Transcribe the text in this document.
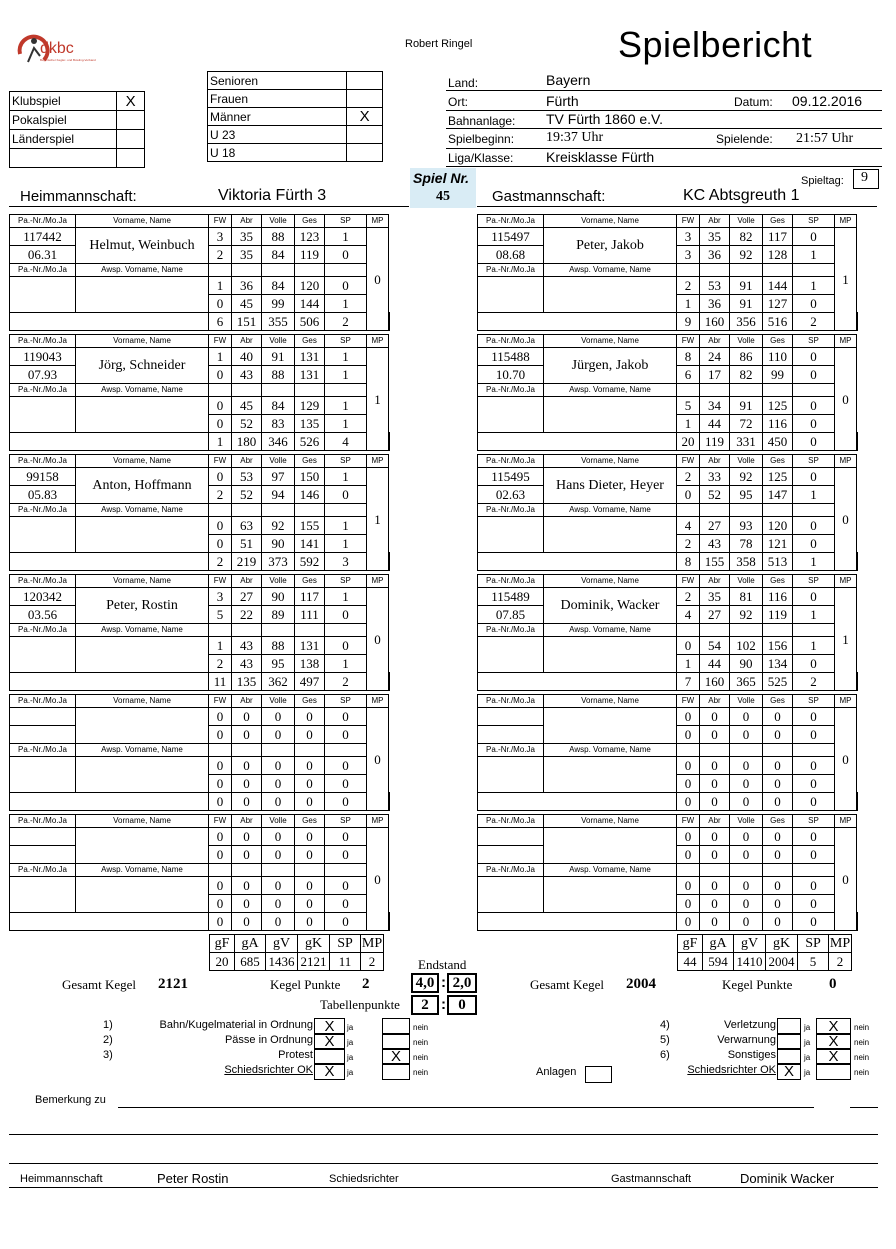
dkbc
Bayerischer Kegler- und Bowling-Verband
Robert Ringel	Spielbericht
Klubspiel	X
Pokalspiel	
Länderspiel	

Senioren	
Frauen	
Männer	X
U 23	
U 18	
Land:	Bayern
Ort:	Fürth	Datum: 09.12.2016
Bahnanlage: TV Fürth 1860 e.V.
Spielbeginn: 19:37 Uhr	Spielende: 21:57 Uhr
Liga/Klasse: Kreisklasse Fürth
Spieltag: 9
Spiel Nr.
45
Heimmannschaft:	Viktoria Fürth 3	Gastmannschaft:	KC Abtsgreuth 1
Pa.-Nr./Mo.Ja	Vorname, Name	FW	Abr	Volle	Ges	SP	MP	
117442	Helmut, Weinbuch	3	35	88	123	1	0	
06.31		2	35	84	119	0		
Pa.-Nr./Mo.Ja	Awsp. Vorname, Name							
		1	36	84	120	0		
		0	45	99	144	1		
		6	151	355	506	2		
Pa.-Nr./Mo.Ja	Vorname, Name	FW	Abr	Volle	Ges	SP	MP	
119043	Jörg, Schneider	1	40	91	131	1	1	
07.93		0	43	88	131	1		
Pa.-Nr./Mo.Ja	Awsp. Vorname, Name							
		0	45	84	129	1		
		0	52	83	135	1		
		1	180	346	526	4		
Pa.-Nr./Mo.Ja	Vorname, Name	FW	Abr	Volle	Ges	SP	MP	
99158	Anton, Hoffmann	0	53	97	150	1	1	
05.83		2	52	94	146	0		
Pa.-Nr./Mo.Ja	Awsp. Vorname, Name							
		0	63	92	155	1		
		0	51	90	141	1		
		2	219	373	592	3		
Pa.-Nr./Mo.Ja	Vorname, Name	FW	Abr	Volle	Ges	SP	MP	
120342	Peter, Rostin	3	27	90	117	1	0	
03.56		5	22	89	111	0		
Pa.-Nr./Mo.Ja	Awsp. Vorname, Name							
		1	43	88	131	0		
		2	43	95	138	1		
		11	135	362	497	2		
Pa.-Nr./Mo.Ja	Vorname, Name	FW	Abr	Volle	Ges	SP	MP	
		0	0	0	0	0	0	
		0	0	0	0	0		
Pa.-Nr./Mo.Ja	Awsp. Vorname, Name							
		0	0	0	0	0		
		0	0	0	0	0		
		0	0	0	0	0		
Pa.-Nr./Mo.Ja	Vorname, Name	FW	Abr	Volle	Ges	SP	MP	
		0	0	0	0	0	0	
		0	0	0	0	0		
Pa.-Nr./Mo.Ja	Awsp. Vorname, Name							
		0	0	0	0	0		
		0	0	0	0	0		
		0	0	0	0	0		
Pa.-Nr./Mo.Ja	Vorname, Name	FW	Abr	Volle	Ges	SP	MP	
115497	Peter, Jakob	3	35	82	117	0	1	
08.68		3	36	92	128	1		
Pa.-Nr./Mo.Ja	Awsp. Vorname, Name							
		2	53	91	144	1		
		1	36	91	127	0		
		9	160	356	516	2		
Pa.-Nr./Mo.Ja	Vorname, Name	FW	Abr	Volle	Ges	SP	MP	
115488	Jürgen, Jakob	8	24	86	110	0	0	
10.70		6	17	82	99	0		
Pa.-Nr./Mo.Ja	Awsp. Vorname, Name							
		5	34	91	125	0		
		1	44	72	116	0		
		20	119	331	450	0		
Pa.-Nr./Mo.Ja	Vorname, Name	FW	Abr	Volle	Ges	SP	MP	
115495	Hans Dieter, Heyer	2	33	92	125	0	0	
02.63		0	52	95	147	1		
Pa.-Nr./Mo.Ja	Awsp. Vorname, Name							
		4	27	93	120	0		
		2	43	78	121	0		
		8	155	358	513	1		
Pa.-Nr./Mo.Ja	Vorname, Name	FW	Abr	Volle	Ges	SP	MP	
115489	Dominik, Wacker	2	35	81	116	0	1	
07.85		4	27	92	119	1		
Pa.-Nr./Mo.Ja	Awsp. Vorname, Name							
		0	54	102	156	1		
		1	44	90	134	0		
		7	160	365	525	2		
Pa.-Nr./Mo.Ja	Vorname, Name	FW	Abr	Volle	Ges	SP	MP	
		0	0	0	0	0	0	
		0	0	0	0	0		
Pa.-Nr./Mo.Ja	Awsp. Vorname, Name							
		0	0	0	0	0		
		0	0	0	0	0		
		0	0	0	0	0		
Pa.-Nr./Mo.Ja	Vorname, Name	FW	Abr	Volle	Ges	SP	MP	
		0	0	0	0	0	0	
		0	0	0	0	0		
Pa.-Nr./Mo.Ja	Awsp. Vorname, Name							
		0	0	0	0	0		
		0	0	0	0	0		
		0	0	0	0	0		
gF	gA	gV	gK	SP	MP
20	685	1436	2121	11	2
gF	gA	gV	gK	SP	MP
44	594	1410	2004	5	2
Gesamt Kegel 2121	Kegel Punkte 2
Endstand
4,0 : 2,0
Tabellenpunkte	2 : 0
Gesamt Kegel 2004	Kegel Punkte 0
1)	Bahn/Kugelmaterial in Ordnung X	ja	nein
2)	Pässe in Ordnung X	ja	nein
3)	Protest	ja	X	nein
Schiedsrichter OK X	ja	nein
4)	Verletzung	ja	X	nein
5)	Verwarnung	ja	X	nein
6)	Sonstiges	ja	X	nein
Schiedsrichter OK X	ja	nein
Anlagen
Bemerkung zu
Heimmannschaft	Peter Rostin	Schiedsrichter	Gastmannschaft	Dominik Wacker
